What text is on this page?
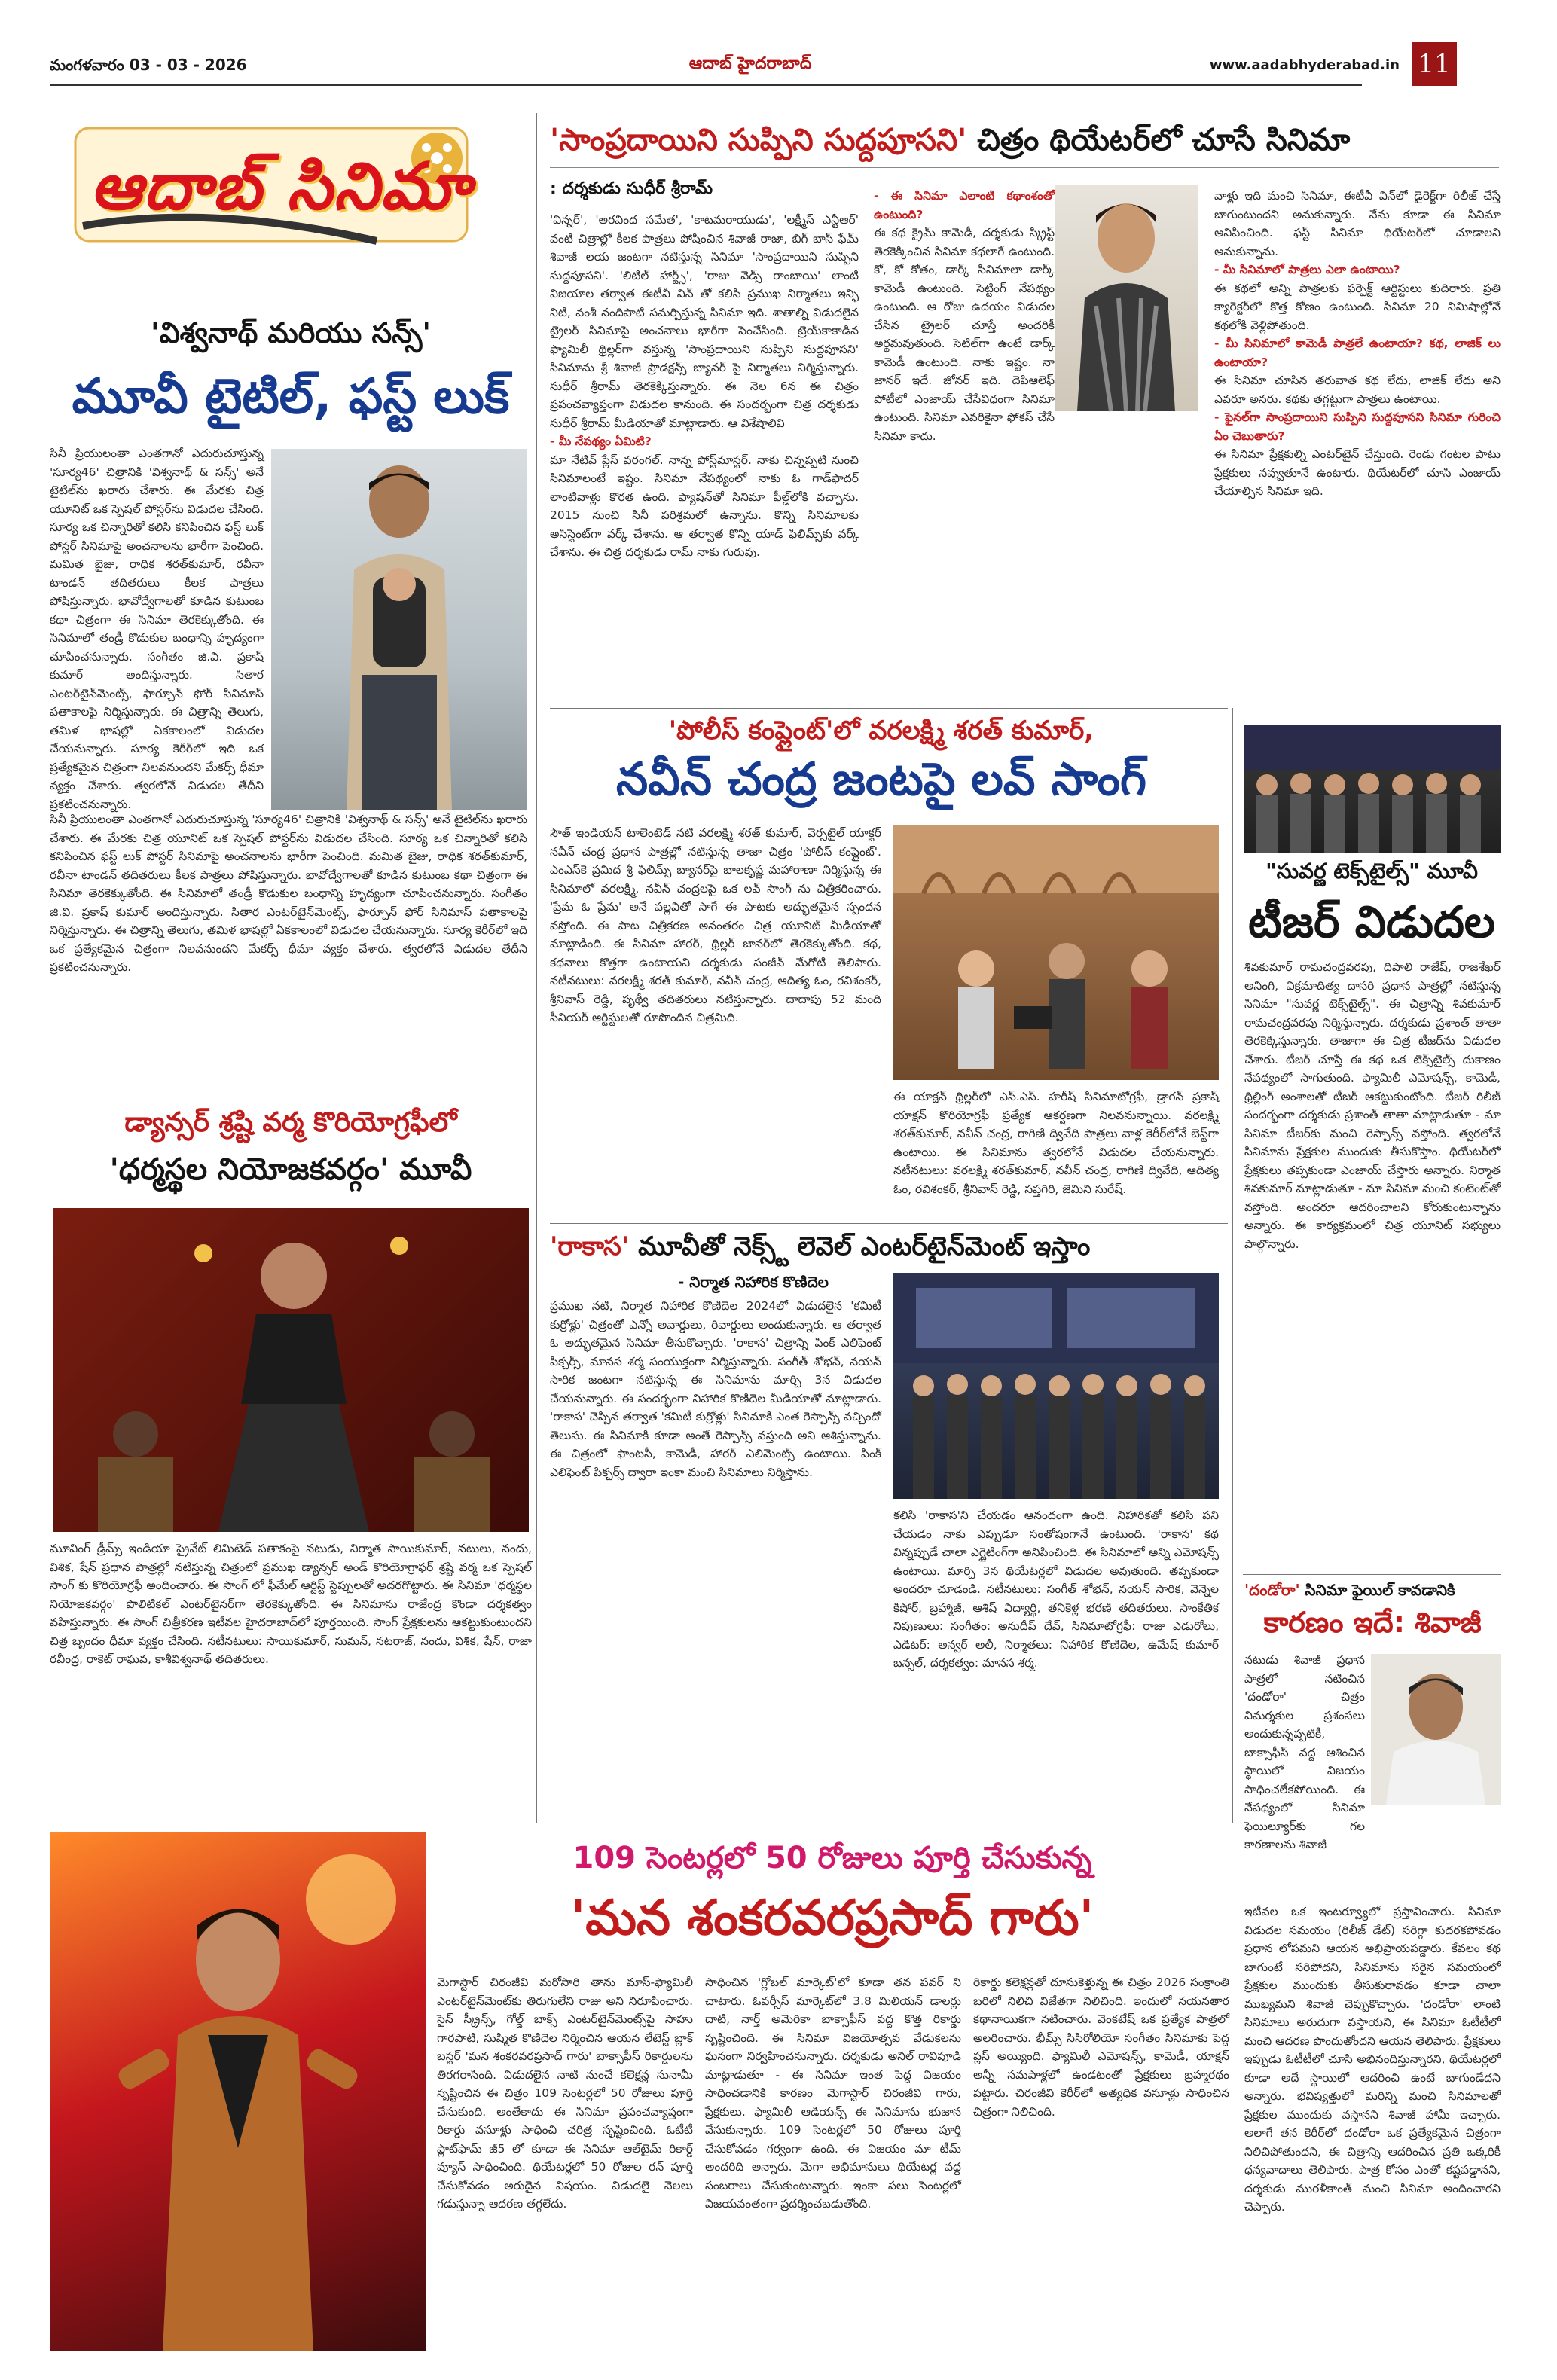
మంగళవారం 03 - 03 - 2026	ఆదాబ్ హైదరాబాద్	www.aadabhyderabad.in 11
ఆదాబ్ సినిమా
'సాంప్రదాయిని సుప్పిని సుద్దపూసని' చిత్రం థియేటర్‌లో చూసే సినిమా
: దర్శకుడు సుధీర్ శ్రీరామ్
'విన్నర్', 'అరవింద సమేత', 'కాటమరాయుడు', 'లక్ష్మీస్ ఎన్టీఆర్' వంటి చిత్రాల్లో కీలక పాత్రలు పోషించిన శివాజీ రాజా, బిగ్ బాస్ ఫేమ్ శివాజీ లయ జంటగా నటిస్తున్న సినిమా 'సాంప్రదాయిని సుప్పిని సుద్దపూసని'. 'లిటిల్ హార్ట్స్', 'రాజు వెడ్స్ రాంబాయి' లాంటి విజయాల తర్వాత ఈటీవీ విన్ తో కలిసి ప్రముఖ నిర్మాతలు ఇన్ఫి నిటి, వంశీ నందిపాటి సమర్పిస్తున్న సినిమా ఇది. శాతాల్ని విడుదలైన ట్రైలర్ సినిమాపై అంచనాలు భారీగా పెంచేసింది. ట్రెయ్‌కాకాడిన ఫ్యామిలీ థ్రిల్లర్‌గా వస్తున్న 'సాంప్రదాయిని సుప్పిని సుద్దపూసని' సినిమాను శ్రీ శివాజీ ప్రొడక్షన్స్ బ్యానర్ పై నిర్మాతలు నిర్మిస్తున్నారు. సుధీర్ శ్రీరామ్ తెరకెక్కిస్తున్నారు. ఈ నెల 6న ఈ చిత్రం ప్రపంచవ్యాప్తంగా విడుదల కానుంది. ఈ సందర్భంగా చిత్ర దర్శకుడు సుధీర్ శ్రీరామ్ మీడియాతో మాట్లాడారు. ఆ విశేషాలివి
- మీ నేపథ్యం ఏమిటి?
మా నేటివ్ ప్లేస్ వరంగల్. నాన్న పోస్ట్‌మాస్టర్. నాకు చిన్నప్పటి నుంచి సినిమాలంటే ఇష్టం. సినిమా నేపథ్యంలో నాకు ఓ గాడ్‌ఫాదర్ లాంటివాళ్లు కొరత ఉంది. ఫ్యాషన్‌తో సినిమా ఫీల్డ్‌లోకి వచ్చాను. 2015 నుంచి సినీ పరిశ్రమలో ఉన్నాను. కొన్ని సినిమాలకు అసిస్టెంట్‌గా వర్క్ చేశాను. ఆ తర్వాత కొన్ని యాడ్ ఫిలిమ్స్‌కు వర్క్ చేశాను. ఈ చిత్ర దర్శకుడు రామ్ నాకు గురువు.
- ఈ సినిమా ఎలాంటి కథాంశంతో ఉంటుంది?
ఈ కథ క్రైమ్ కామెడీ, దర్శకుడు స్క్రిప్ట్ తెరకెక్కించిన సినిమా కథలాగే ఉంటుంది. కో, కో కోతం, డార్క్ సినిమాలా డార్క్ కామెడీ ఉంటుంది. సెట్టింగ్ నేపథ్యం ఉంటుంది. ఆ రోజు ఉదయం విడుదల చేసిన ట్రైలర్ చూస్తే అందరికీ అర్థమవుతుంది. సెటిల్‌గా ఉంటే డార్క్ కామెడీ ఉంటుంది. నాకు ఇష్టం. నా జానర్ ఇదే. జోనర్ ఇది. దెపిఆలెఫ్ పోటీలో ఎంజాయ్ చేసేవిధంగా సినిమా ఉంటుంది. సినిమా ఎవరికైనా ఫోకస్ చేసే సినిమా కాదు.
వాళ్లు ఇది మంచి సినిమా, ఈటీవీ విన్‌లో డైరెక్ట్‌గా రిలీజ్ చేస్తే బాగుంటుందని అనుకున్నారు. నేను కూడా ఈ సినిమా అనిపించింది. ఫస్ట్ సినిమా థియేటర్‌లో చూడాలని అనుకున్నాను.
- మీ సినిమాలో పాత్రలు ఎలా ఉంటాయి?
ఈ కథలో అన్ని పాత్రలకు ఫర్ఫెక్ట్ ఆర్టిస్టులు కుదిరారు. ప్రతి క్యారెక్టర్‌లో కొత్త కోణం ఉంటుంది. సినిమా 20 నిమిషాల్లోనే కథలోకి వెళ్లిపోతుంది.
- మీ సినిమాలో కామెడీ పాత్రలే ఉంటాయా? కథ, లాజిక్ లు ఉంటాయా?
ఈ సినిమా చూసిన తరువాత కథ లేదు, లాజిక్ లేదు అని ఎవరూ అనరు. కథకు తగ్గట్టుగా పాత్రలు ఉంటాయి.
- ఫైనల్‌గా సాంప్రదాయిని సుప్పిని సుద్దపూసని సినిమా గురించి ఏం చెబుతారు?
ఈ సినిమా ప్రేక్షకుల్ని ఎంటర్‌టైన్ చేస్తుంది. రెండు గంటల పాటు ప్రేక్షకులు నవ్వుతూనే ఉంటారు. థియేటర్‌లో చూసి ఎంజాయ్ చేయాల్సిన సినిమా ఇది.
'విశ్వనాథ్ మరియు సన్స్'
మూవీ టైటిల్, ఫస్ట్ లుక్
సినీ ప్రియులంతా ఎంతగానో ఎదురుచూస్తున్న 'సూర్య46' చిత్రానికి 'విశ్వనాథ్ & సన్స్' అనే టైటిల్‌ను ఖరారు చేశారు. ఈ మేరకు చిత్ర యూనిట్ ఒక స్పెషల్ పోస్టర్‌ను విడుదల చేసింది. సూర్య ఒక చిన్నారితో కలిసి కనిపించిన ఫస్ట్ లుక్ పోస్టర్ సినిమాపై అంచనాలను భారీగా పెంచింది. మమిత బైజు, రాధిక శరత్‌కుమార్, రవీనా టాండన్ తదితరులు కీలక పాత్రలు పోషిస్తున్నారు. భావోద్వేగాలతో కూడిన కుటుంబ కథా చిత్రంగా ఈ సినిమా తెరకెక్కుతోంది. ఈ సినిమాలో తండ్రీ కొడుకుల బంధాన్ని హృద్యంగా చూపించనున్నారు. సంగీతం జి.వి. ప్రకాష్ కుమార్ అందిస్తున్నారు. సితార ఎంటర్‌టైన్‌మెంట్స్, ఫార్చూన్ ఫోర్ సినిమాస్ పతాకాలపై నిర్మిస్తున్నారు. ఈ చిత్రాన్ని తెలుగు, తమిళ భాషల్లో ఏకకాలంలో విడుదల చేయనున్నారు. సూర్య కెరీర్‌లో ఇది ఒక ప్రత్యేకమైన చిత్రంగా నిలవనుందని మేకర్స్ ధీమా వ్యక్తం చేశారు. త్వరలోనే విడుదల తేదీని ప్రకటించనున్నారు.
సినీ ప్రియులంతా ఎంతగానో ఎదురుచూస్తున్న 'సూర్య46' చిత్రానికి 'విశ్వనాథ్ & సన్స్' అనే టైటిల్‌ను ఖరారు చేశారు. ఈ మేరకు చిత్ర యూనిట్ ఒక స్పెషల్ పోస్టర్‌ను విడుదల చేసింది. సూర్య ఒక చిన్నారితో కలిసి కనిపించిన ఫస్ట్ లుక్ పోస్టర్ సినిమాపై అంచనాలను భారీగా పెంచింది. మమిత బైజు, రాధిక శరత్‌కుమార్, రవీనా టాండన్ తదితరులు కీలక పాత్రలు పోషిస్తున్నారు. భావోద్వేగాలతో కూడిన కుటుంబ కథా చిత్రంగా ఈ సినిమా తెరకెక్కుతోంది. ఈ సినిమాలో తండ్రీ కొడుకుల బంధాన్ని హృద్యంగా చూపించనున్నారు. సంగీతం జి.వి. ప్రకాష్ కుమార్ అందిస్తున్నారు. సితార ఎంటర్‌టైన్‌మెంట్స్, ఫార్చూన్ ఫోర్ సినిమాస్ పతాకాలపై నిర్మిస్తున్నారు. ఈ చిత్రాన్ని తెలుగు, తమిళ భాషల్లో ఏకకాలంలో విడుదల చేయనున్నారు. సూర్య కెరీర్‌లో ఇది ఒక ప్రత్యేకమైన చిత్రంగా నిలవనుందని మేకర్స్ ధీమా వ్యక్తం చేశారు. త్వరలోనే విడుదల తేదీని ప్రకటించనున్నారు.
డ్యాన్సర్ శ్రష్టి వర్మ కొరియోగ్రఫీలో
'ధర్మస్థల నియోజకవర్గం' మూవీ
మూవింగ్ డ్రీమ్స్ ఇండియా ప్రైవేట్ లిమిటెడ్ పతాకంపై నటుడు, నిర్మాత సాయికుమార్, నటులు, నందు, విశిక, షేన్ ప్రధాన పాత్రల్లో నటిస్తున్న చిత్రంలో ప్రముఖ డ్యాన్సర్ అండ్ కొరియోగ్రాఫర్ శ్రష్టి వర్మ ఒక స్పెషల్ సాంగ్ కు కొరియోగ్రఫీ అందించారు. ఈ సాంగ్ లో ఫీమేల్ ఆర్టిస్ట్ స్టెప్పులతో అదరగొట్టారు. ఈ సినిమా 'ధర్మస్థల నియోజకవర్గం' పొలిటికల్ ఎంటర్‌టైనర్‌గా తెరకెక్కుతోంది. ఈ సినిమాను రాజేంద్ర కొండా దర్శకత్వం వహిస్తున్నారు. ఈ సాంగ్ చిత్రీకరణ ఇటీవల హైదరాబాద్‌లో పూర్తయింది. సాంగ్ ప్రేక్షకులను ఆకట్టుకుంటుందని చిత్ర బృందం ధీమా వ్యక్తం చేసింది. నటీనటులు: సాయికుమార్, సుమన్, నటరాజ్, నందు, విశిక, షేన్, రాజా రవీంద్ర, రాకెట్ రాఘవ, కాశీవిశ్వనాథ్ తదితరులు.
'పోలీస్ కంప్లైంట్'లో వరలక్ష్మి శరత్ కుమార్,
నవీన్ చంద్ర జంటపై లవ్ సాంగ్
సౌత్ ఇండియన్ టాలెంటెడ్ నటి వరలక్ష్మి శరత్ కుమార్, వెర్సటైల్ యాక్టర్ నవీన్ చంద్ర ప్రధాన పాత్రల్లో నటిస్తున్న తాజా చిత్రం 'పోలీస్ కంప్లైంట్'. ఎంఎస్‌కె ప్రమిద శ్రీ ఫిలిమ్స్ బ్యానర్‌పై బాలకృష్ణ మహారాణా నిర్మిస్తున్న ఈ సినిమాలో వరలక్ష్మి, నవీన్ చంద్రలపై ఒక లవ్ సాంగ్ ను చిత్రీకరించారు. 'ప్రేమ ఓ ప్రేమ' అనే పల్లవితో సాగే ఈ పాటకు అద్భుతమైన స్పందన వస్తోంది. ఈ పాట చిత్రీకరణ అనంతరం చిత్ర యూనిట్ మీడియాతో మాట్లాడింది. ఈ సినిమా హారర్, థ్రిల్లర్ జానర్‌లో తెరకెక్కుతోంది. కథ, కథనాలు కొత్తగా ఉంటాయని దర్శకుడు సంజీవ్ మేగోటి తెలిపారు. నటీనటులు: వరలక్ష్మి శరత్ కుమార్, నవీన్ చంద్ర, ఆదిత్య ఓం, రవిశంకర్, శ్రీనివాస్ రెడ్డి, పృథ్వీ తదితరులు నటిస్తున్నారు. దాదాపు 52 మంది సీనియర్ ఆర్టిస్టులతో రూపొందిన చిత్రమిది.
ఈ యాక్షన్ థ్రిల్లర్‌లో ఎస్.ఎస్. హరీష్ సినిమాటోగ్రఫీ, డ్రాగన్ ప్రకాష్ యాక్షన్ కొరియోగ్రఫీ ప్రత్యేక ఆకర్షణగా నిలవనున్నాయి. వరలక్ష్మి శరత్‌కుమార్, నవీన్ చంద్ర, రాగిణి ద్వివేది పాత్రలు వాళ్ల కెరీర్‌లోనే బెస్ట్‌గా ఉంటాయి. ఈ సినిమాను త్వరలోనే విడుదల చేయనున్నారు. నటీనటులు: వరలక్ష్మి శరత్‌కుమార్, నవీన్ చంద్ర, రాగిణి ద్వివేది, ఆదిత్య ఓం, రవిశంకర్, శ్రీనివాస్ రెడ్డి, సప్తగిరి, జెమిని సురేష్.
"సువర్ణ టెక్స్‌టైల్స్" మూవీ
టీజర్ విడుదల
శివకుమార్ రామచంద్రవరపు, దిపాలి రాజేష్, రాజశేఖర్ అనింగి, విక్రమాదిత్య దాసరి ప్రధాన పాత్రల్లో నటిస్తున్న సినిమా "సువర్ణ టెక్స్‌టైల్స్". ఈ చిత్రాన్ని శివకుమార్ రామచంద్రవరపు నిర్మిస్తున్నారు. దర్శకుడు ప్రశాంత్ తాతా తెరకెక్కిస్తున్నారు. తాజాగా ఈ చిత్ర టీజర్‌ను విడుదల చేశారు. టీజర్ చూస్తే ఈ కథ ఒక టెక్స్‌టైల్స్ దుకాణం నేపథ్యంలో సాగుతుంది. ఫ్యామిలీ ఎమోషన్స్, కామెడీ, థ్రిల్లింగ్ అంశాలతో టీజర్ ఆకట్టుకుంటోంది. టీజర్ రిలీజ్ సందర్భంగా దర్శకుడు ప్రశాంత్ తాతా మాట్లాడుతూ - మా సినిమా టీజర్‌కు మంచి రెస్పాన్స్ వస్తోంది. త్వరలోనే సినిమాను ప్రేక్షకుల ముందుకు తీసుకొస్తాం. థియేటర్‌లో ప్రేక్షకులు తప్పకుండా ఎంజాయ్ చేస్తారు అన్నారు. నిర్మాత శివకుమార్ మాట్లాడుతూ - మా సినిమా మంచి కంటెంట్‌తో వస్తోంది. అందరూ ఆదరించాలని కోరుకుంటున్నాను అన్నారు. ఈ కార్యక్రమంలో చిత్ర యూనిట్ సభ్యులు పాల్గొన్నారు.
'రాకాస' మూవీతో నెక్స్ట్ లెవెల్ ఎంటర్‌టైన్‌మెంట్ ఇస్తాం
- నిర్మాత నిహారిక కొణిదెల
ప్రముఖ నటి, నిర్మాత నిహారిక కొణిదెల 2024లో విడుదలైన 'కమిటీ కుర్రోళ్లు' చిత్రంతో ఎన్నో అవార్డులు, రివార్డులు అందుకున్నారు. ఆ తర్వాత ఓ అద్భుతమైన సినిమా తీసుకొచ్చారు. 'రాకాస' చిత్రాన్ని పింక్ ఎలిఫెంట్ పిక్చర్స్, మానస శర్మ సంయుక్తంగా నిర్మిస్తున్నారు. సంగీత్ శోభన్, నయన్ సారిక జంటగా నటిస్తున్న ఈ సినిమాను మార్చి 3న విడుదల చేయనున్నారు. ఈ సందర్భంగా నిహారిక కొణిదెల మీడియాతో మాట్లాడారు. 'రాకాస' చెప్పిన తర్వాత 'కమిటీ కుర్రోళ్లు' సినిమాకి ఎంత రెస్పాన్స్ వచ్చిందో తెలుసు. ఈ సినిమాకి కూడా అంతే రెస్పాన్స్ వస్తుంది అని ఆశిస్తున్నాను. ఈ చిత్రంలో ఫాంటసీ, కామెడీ, హారర్ ఎలిమెంట్స్ ఉంటాయి. పింక్ ఎలిఫెంట్ పిక్చర్స్ ద్వారా ఇంకా మంచి సినిమాలు నిర్మిస్తాను.
కలిసి 'రాకాస'ని చేయడం ఆనందంగా ఉంది. నిహారికతో కలిసి పని చేయడం నాకు ఎప్పుడూ సంతోషంగానే ఉంటుంది. 'రాకాస' కథ విన్నప్పుడే చాలా ఎగ్జైటింగ్‌గా అనిపించింది. ఈ సినిమాలో అన్ని ఎమోషన్స్ ఉంటాయి. మార్చి 3న థియేటర్లలో విడుదల అవుతుంది. తప్పకుండా అందరూ చూడండి. నటీనటులు: సంగీత్ శోభన్, నయన్ సారిక, వెన్నెల కిషోర్, బ్రహ్మాజీ, ఆశిష్ విద్యార్థి, తనికెళ్ల భరణి తదితరులు. సాంకేతిక నిపుణులు: సంగీతం: అనుదీప్ దేవ్, సినిమాటోగ్రఫీ: రాజు ఎడురోలు, ఎడిటర్: అన్వర్ అలీ, నిర్మాతలు: నిహారిక కొణిదెల, ఉమేష్ కుమార్ బన్సల్, దర్శకత్వం: మానస శర్మ.
'దండోరా' సినిమా ఫైయిల్ కావడానికి
కారణం ఇదే: శివాజీ
నటుడు శివాజీ ప్రధాన పాత్రలో నటించిన 'దండోరా' చిత్రం విమర్శకుల ప్రశంసలు అందుకున్నప్పటికీ, బాక్సాఫీస్ వద్ద ఆశించిన స్థాయిలో విజయం సాధించలేకపోయింది. ఈ నేపథ్యంలో సినిమా ఫెయిల్యూర్‌కు గల కారణాలను శివాజీ
ఇటీవల ఒక ఇంటర్వ్యూలో ప్రస్తావించారు. సినిమా విడుదల సమయం (రిలీజ్ డేట్) సరిగ్గా కుదరకపోవడం ప్రధాన లోపమని ఆయన అభిప్రాయపడ్డారు. కేవలం కథ బాగుంటే సరిపోదని, సినిమాను సరైన సమయంలో ప్రేక్షకుల ముందుకు తీసుకురావడం కూడా చాలా ముఖ్యమని శివాజీ చెప్పుకొచ్చారు. 'దండోరా' లాంటి సినిమాలు అరుదుగా వస్తాయని, ఈ సినిమా ఓటీటీలో మంచి ఆదరణ పొందుతోందని ఆయన తెలిపారు. ప్రేక్షకులు ఇప్పుడు ఓటీటీలో చూసి అభినందిస్తున్నారని, థియేటర్లలో కూడా అదే స్థాయిలో ఆదరించి ఉంటే బాగుండేదని అన్నారు. భవిష్యత్తులో మరిన్ని మంచి సినిమాలతో ప్రేక్షకుల ముందుకు వస్తానని శివాజీ హామీ ఇచ్చారు. అలాగే తన కెరీర్‌లో దండోరా ఒక ప్రత్యేకమైన చిత్రంగా నిలిచిపోతుందని, ఈ చిత్రాన్ని ఆదరించిన ప్రతి ఒక్కరికీ ధన్యవాదాలు తెలిపారు. పాత్ర కోసం ఎంతో కష్టపడ్డానని, దర్శకుడు మురళీకాంత్ మంచి సినిమా అందించారని చెప్పారు.
109 సెంటర్లలో 50 రోజులు పూర్తి చేసుకున్న
'మన శంకరవరప్రసాద్ గారు'
మెగాస్టార్ చిరంజీవి మరోసారి తాను మాస్-ఫ్యామిలీ ఎంటర్‌టైన్‌మెంట్‌కు తిరుగులేని రాజు అని నిరూపించారు. సైన్ స్క్రీన్స్, గోల్డ్ బాక్స్ ఎంటర్‌టైన్‌మెంట్స్‌పై సాహు గారపాటి, సుష్మిత కొణిదెల నిర్మించిన ఆయన లేటెస్ట్ బ్లాక్ బస్టర్ 'మన శంకరవరప్రసాద్ గారు' బాక్సాఫీస్ రికార్డులను తిరగరాసింది. విడుదలైన నాటి నుంచే కలెక్షన్ల సునామీ సృష్టించిన ఈ చిత్రం 109 సెంటర్లలో 50 రోజులు పూర్తి చేసుకుంది. అంతేకాదు ఈ సినిమా ప్రపంచవ్యాప్తంగా రికార్డు వసూళ్లు సాధించి చరిత్ర సృష్టించింది. ఓటీటీ ప్లాట్‌ఫామ్ జీ5 లో కూడా ఈ సినిమా ఆల్‌టైమ్ రికార్డ్ వ్యూస్ సాధించింది. థియేటర్లలో 50 రోజుల రన్ పూర్తి చేసుకోవడం అరుదైన విషయం. విడుదలై నెలలు గడుస్తున్నా ఆదరణ తగ్గలేదు.
సాధించిన 'గ్లోబల్ మార్కెట్'లో కూడా తన పవర్ ని చాటారు. ఓవర్సీస్ మార్కెట్‌లో 3.8 మిలియన్ డాలర్లు దాటి, నార్త్ అమెరికా బాక్సాఫీస్ వద్ద కొత్త రికార్డు సృష్టించింది. ఈ సినిమా విజయోత్సవ వేడుకలను ఘనంగా నిర్వహించనున్నారు. దర్శకుడు అనిల్ రావిపూడి మాట్లాడుతూ - ఈ సినిమా ఇంత పెద్ద విజయం సాధించడానికి కారణం మెగాస్టార్ చిరంజీవి గారు, ప్రేక్షకులు. ఫ్యామిలీ ఆడియన్స్ ఈ సినిమాను భుజాన వేసుకున్నారు. 109 సెంటర్లలో 50 రోజులు పూర్తి చేసుకోవడం గర్వంగా ఉంది. ఈ విజయం మా టీమ్ అందరిది అన్నారు. మెగా అభిమానులు థియేటర్ల వద్ద సంబరాలు చేసుకుంటున్నారు. ఇంకా పలు సెంటర్లలో విజయవంతంగా ప్రదర్శించబడుతోంది.
రికార్డు కలెక్షన్లతో దూసుకెళ్తున్న ఈ చిత్రం 2026 సంక్రాంతి బరిలో నిలిచి విజేతగా నిలిచింది. ఇందులో నయనతార కథానాయికగా నటించారు. వెంకటేష్ ఒక ప్రత్యేక పాత్రలో అలరించారు. భీమ్స్ సిసిరోలియో సంగీతం సినిమాకు పెద్ద ప్లస్ అయ్యింది. ఫ్యామిలీ ఎమోషన్స్, కామెడీ, యాక్షన్ అన్నీ సమపాళ్లలో ఉండటంతో ప్రేక్షకులు బ్రహ్మరథం పట్టారు. చిరంజీవి కెరీర్‌లో అత్యధిక వసూళ్లు సాధించిన చిత్రంగా నిలిచింది.
